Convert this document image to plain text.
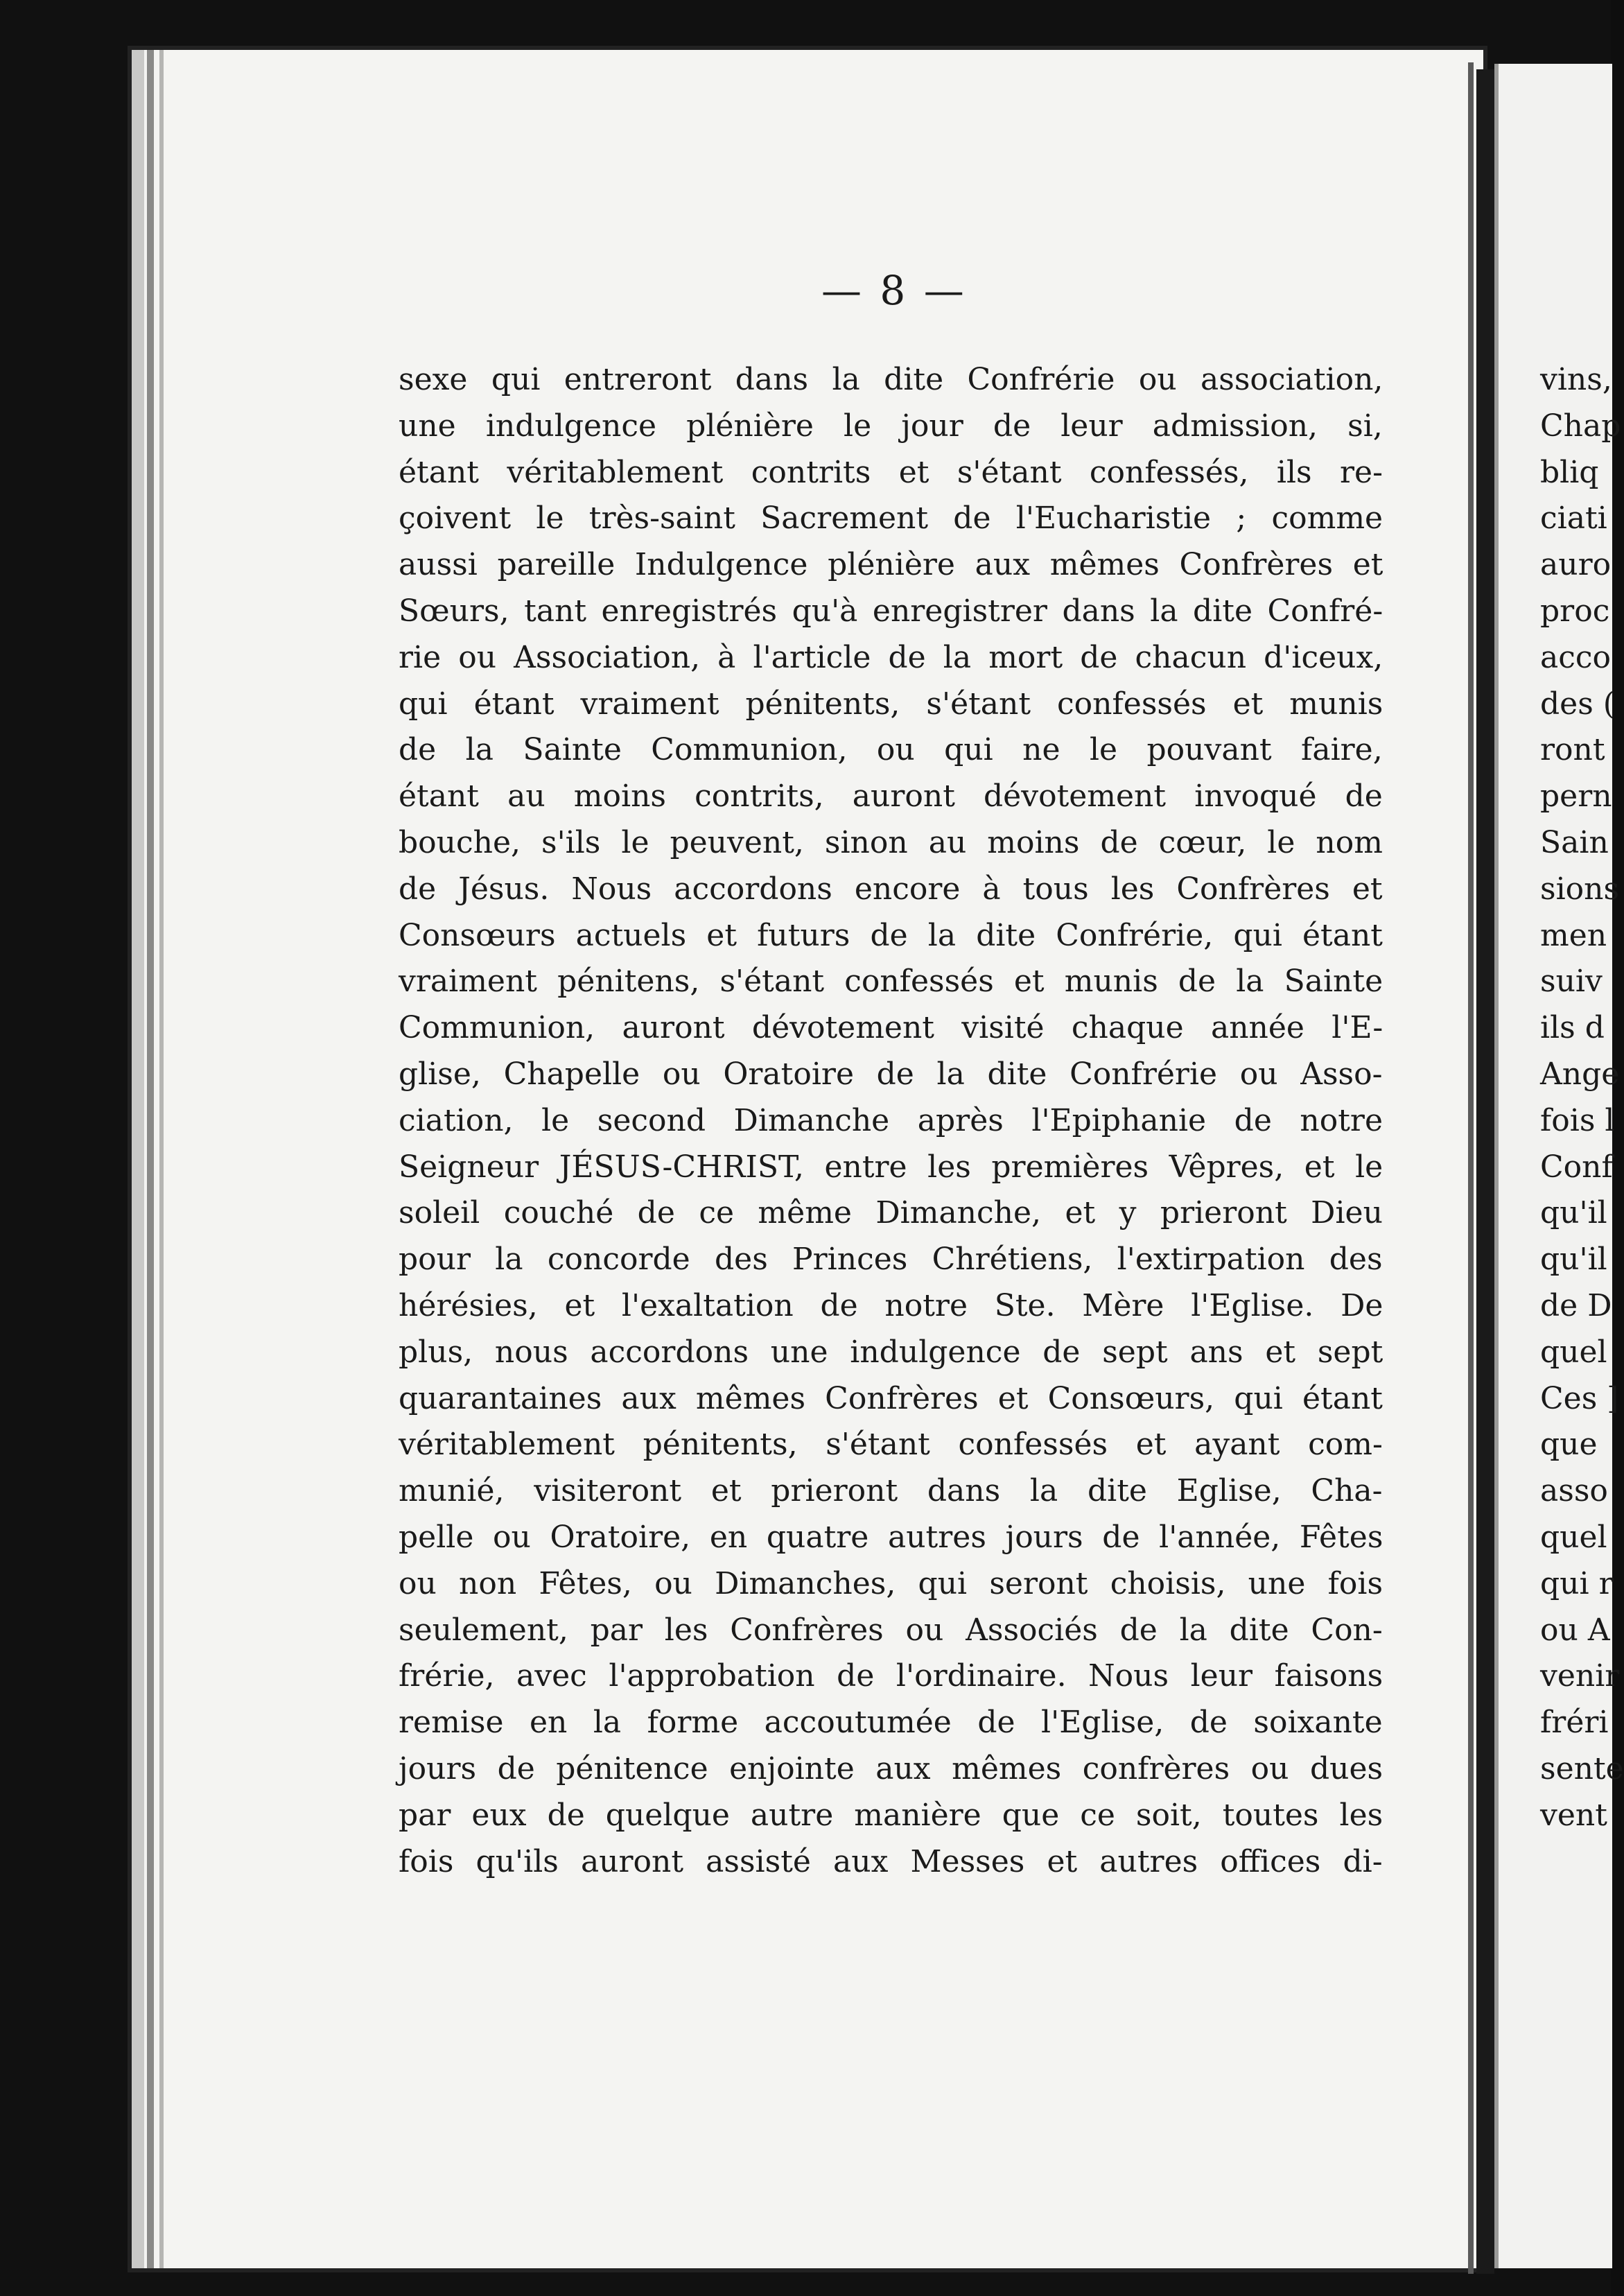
— 8 —
sexe qui entreront dans la dite Confrérie ou association,
une indulgence plénière le jour de leur admission, si,
étant véritablement contrits et s'étant confessés, ils re-
çoivent le très-saint Sacrement de l'Eucharistie ; comme
aussi pareille Indulgence plénière aux mêmes Confrères et
Sœurs, tant enregistrés qu'à enregistrer dans la dite Confré-
rie ou Association, à l'article de la mort de chacun d'iceux,
qui étant vraiment pénitents, s'étant confessés et munis
de la Sainte Communion, ou qui ne le pouvant faire,
étant au moins contrits, auront dévotement invoqué de
bouche, s'ils le peuvent, sinon au moins de cœur, le nom
de Jésus. Nous accordons encore à tous les Confrères et
Consœurs actuels et futurs de la dite Confrérie, qui étant
vraiment pénitens, s'étant confessés et munis de la Sainte
Communion, auront dévotement visité chaque année l'E-
glise, Chapelle ou Oratoire de la dite Confrérie ou Asso-
ciation, le second Dimanche après l'Epiphanie de notre
Seigneur JÉSUS-CHRIST, entre les premières Vêpres, et le
soleil couché de ce même Dimanche, et y prieront Dieu
pour la concorde des Princes Chrétiens, l'extirpation des
hérésies, et l'exaltation de notre Ste. Mère l'Eglise. De
plus, nous accordons une indulgence de sept ans et sept
quarantaines aux mêmes Confrères et Consœurs, qui étant
véritablement pénitents, s'étant confessés et ayant com-
munié, visiteront et prieront dans la dite Eglise, Cha-
pelle ou Oratoire, en quatre autres jours de l'année, Fêtes
ou non Fêtes, ou Dimanches, qui seront choisis, une fois
seulement, par les Confrères ou Associés de la dite Con-
frérie, avec l'approbation de l'ordinaire. Nous leur faisons
remise en la forme accoutumée de l'Eglise, de soixante
jours de pénitence enjointe aux mêmes confrères ou dues
par eux de quelque autre manière que ce soit, toutes les
fois qu'ils auront assisté aux Messes et autres offices di-
vins,
Chap
bliq
ciati
auro
proc
acco
des (
ront
pern
Sain
sions
men
suiv
ils d
Ange
fois l
Conf
qu'il
qu'il
de D
quel
Ces ]
que
asso
quel
qui r
ou A
venir
fréri
sente
vent
